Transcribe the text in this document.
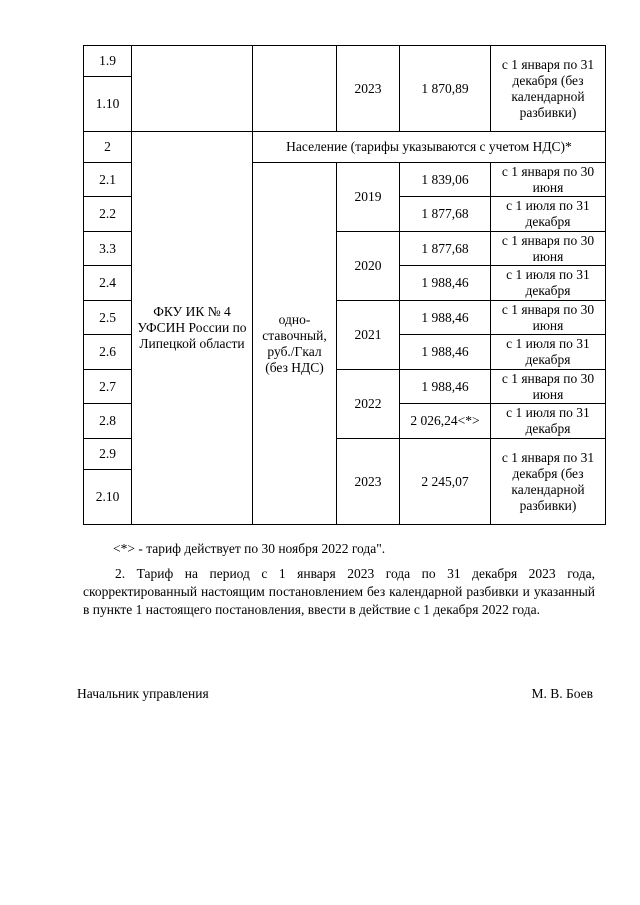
1.9			2023	1 870,89	с 1 января по 31 декабря (без календарной разбивки)
1.10					
2	ФКУ ИК № 4 УФСИН России по Липецкой области	Население (тарифы указываются с учетом НДС)*			
2.1		одно- ставочный, руб./Гкал (без НДС)	2019	1 839,06	с 1 января по 30 июня
2.2				1 877,68	с 1 июля по 31 декабря
3.3			2020	1 877,68	с 1 января по 30 июня
2.4				1 988,46	с 1 июля по 31 декабря
2.5			2021	1 988,46	с 1 января по 30 июня
2.6				1 988,46	с 1 июля по 31 декабря
2.7			2022	1 988,46	с 1 января по 30 июня
2.8				2 026,24<*>	с 1 июля по 31 декабря
2.9			2023	2 245,07	с 1 января по 31 декабря (без календарной разбивки)
2.10					
<*> - тариф действует по 30 ноября 2022 года".
2. Тариф на период с 1 января 2023 года по 31 декабря 2023 года, скорректированный настоящим постановлением без календарной разбивки и указанный в пункте 1 настоящего постановления, ввести в действие с 1 декабря 2022 года.
Начальник управления	М. В. Боев
